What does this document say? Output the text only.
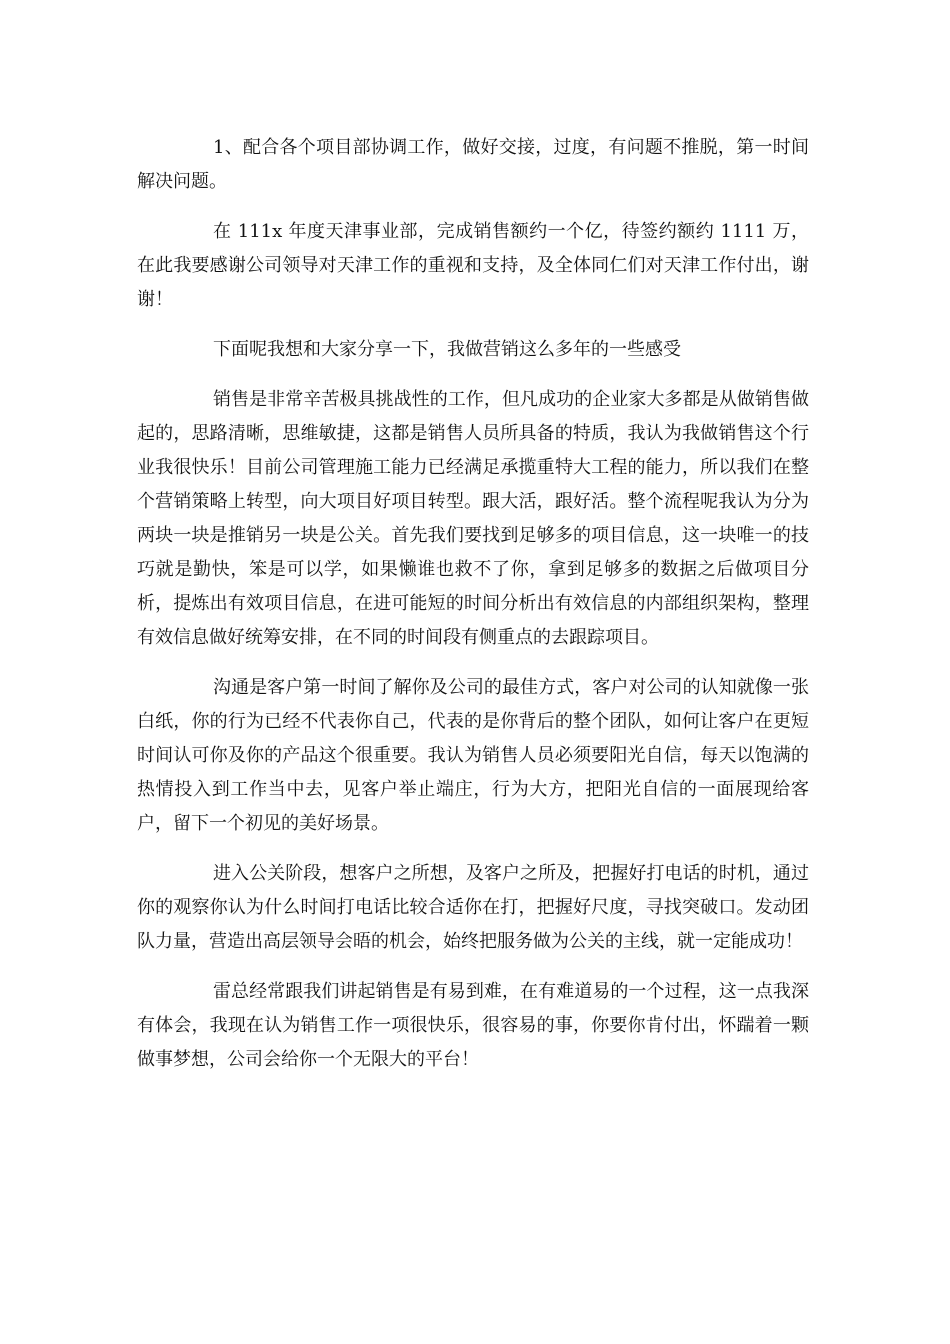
1、配合各个项目部协调工作，做好交接，过度，有问题不推脱，第一时间解决问题。

在 111x 年度天津事业部，完成销售额约一个亿，待签约额约 1111 万，在此我要感谢公司领导对天津工作的重视和支持，及全体同仁们对天津工作付出，谢谢！

下面呢我想和大家分享一下，我做营销这么多年的一些感受

销售是非常辛苦极具挑战性的工作，但凡成功的企业家大多都是从做销售做起的，思路清晰，思维敏捷，这都是销售人员所具备的特质，我认为我做销售这个行业我很快乐！目前公司管理施工能力已经满足承揽重特大工程的能力，所以我们在整个营销策略上转型，向大项目好项目转型。跟大活，跟好活。整个流程呢我认为分为两块一块是推销另一块是公关。首先我们要找到足够多的项目信息，这一块唯一的技巧就是勤快，笨是可以学，如果懒谁也救不了你，拿到足够多的数据之后做项目分析，提炼出有效项目信息，在进可能短的时间分析出有效信息的内部组织架构，整理有效信息做好统筹安排，在不同的时间段有侧重点的去跟踪项目。

沟通是客户第一时间了解你及公司的最佳方式，客户对公司的认知就像一张白纸，你的行为已经不代表你自己，代表的是你背后的整个团队，如何让客户在更短时间认可你及你的产品这个很重要。我认为销售人员必须要阳光自信，每天以饱满的热情投入到工作当中去，见客户举止端庄，行为大方，把阳光自信的一面展现给客户，留下一个初见的美好场景。

进入公关阶段，想客户之所想，及客户之所及，把握好打电话的时机，通过你的观察你认为什么时间打电话比较合适你在打，把握好尺度，寻找突破口。发动团队力量，营造出高层领导会晤的机会，始终把服务做为公关的主线，就一定能成功！

雷总经常跟我们讲起销售是有易到难，在有难道易的一个过程，这一点我深有体会，我现在认为销售工作一项很快乐，很容易的事，你要你肯付出，怀踹着一颗做事梦想，公司会给你一个无限大的平台！
